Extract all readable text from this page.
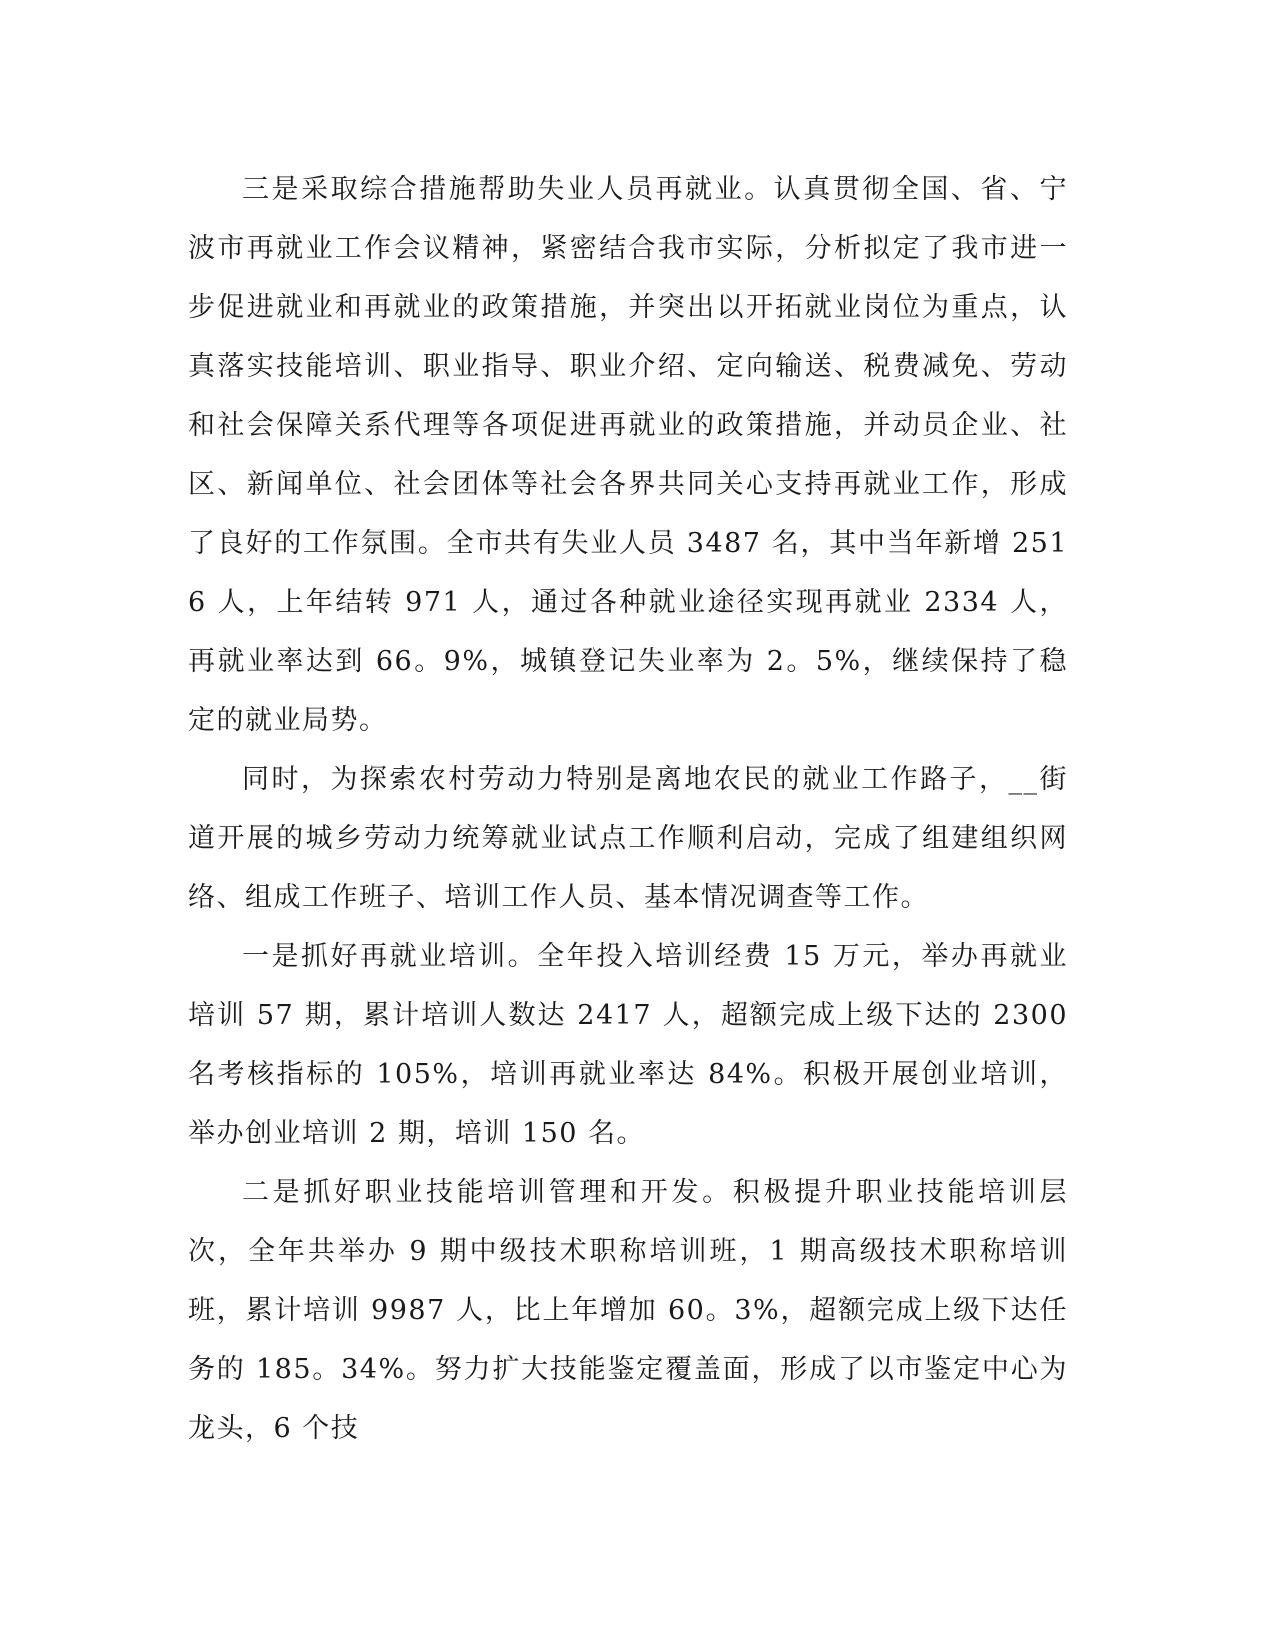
三是采取综合措施帮助失业人员再就业。认真贯彻全国、省、宁波市再就业工作会议精神，紧密结合我市实际，分析拟定了我市进一步促进就业和再就业的政策措施，并突出以开拓就业岗位为重点，认真落实技能培训、职业指导、职业介绍、定向输送、税费减免、劳动和社会保障关系代理等各项促进再就业的政策措施，并动员企业、社区、新闻单位、社会团体等社会各界共同关心支持再就业工作，形成了良好的工作氛围。全市共有失业人员 3487 名，其中当年新增 2516 人，上年结转 971 人，通过各种就业途径实现再就业 2334 人，再就业率达到 66。9%，城镇登记失业率为 2。5%，继续保持了稳定的就业局势。

同时，为探索农村劳动力特别是离地农民的就业工作路子，__街道开展的城乡劳动力统筹就业试点工作顺利启动，完成了组建组织网络、组成工作班子、培训工作人员、基本情况调查等工作。

一是抓好再就业培训。全年投入培训经费 15 万元，举办再就业培训 57 期，累计培训人数达 2417 人，超额完成上级下达的 2300 名考核指标的 105%，培训再就业率达 84%。积极开展创业培训，举办创业培训 2 期，培训 150 名。

二是抓好职业技能培训管理和开发。积极提升职业技能培训层次，全年共举办 9 期中级技术职称培训班，1 期高级技术职称培训班，累计培训 9987 人，比上年增加 60。3%，超额完成上级下达任务的 185。34%。努力扩大技能鉴定覆盖面，形成了以市鉴定中心为龙头，6 个技
